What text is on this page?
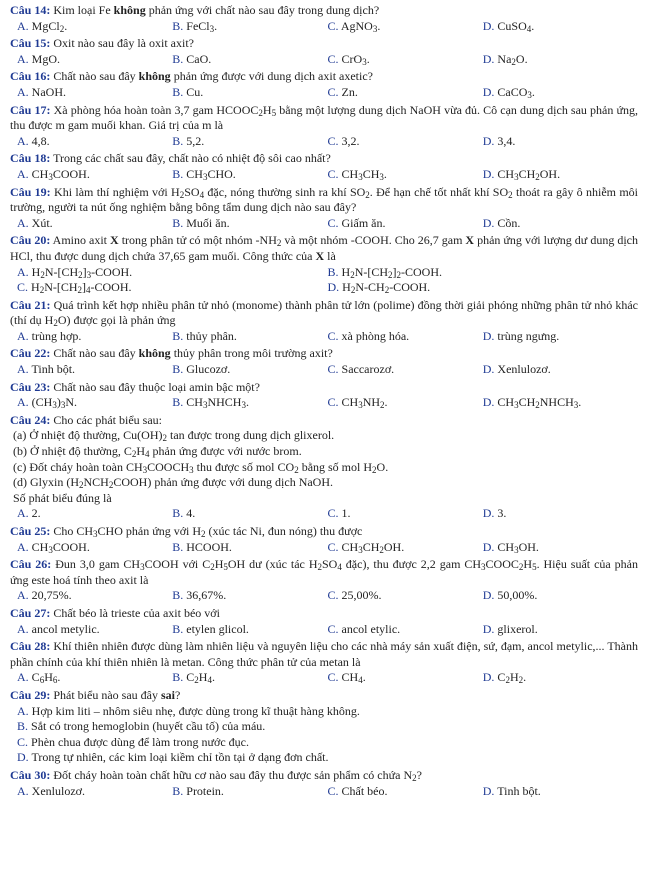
Câu 14: Kim loại Fe không phản ứng với chất nào sau đây trong dung dịch?
A. MgCl$_2$.	B. FeCl$_3$.	C. AgNO$_3$.	D. CuSO$_4$.
Câu 15: Oxit nào sau đây là oxit axit?
A. MgO.	B. CaO.	C. CrO$_3$.	D. $Na_2O$.
Câu 16: Chất nào sau đây không phản ứng được với dung dịch axit axetic?
A. NaOH.	B. Cu.	C. Zn.	D. CaCO$_3$.
Câu 17: Xà phòng hóa hoàn toàn 3,7 gam $HCOOC_2H_5$ bằng một lượng dung dịch NaOH vừa đủ. Cô cạn dung dịch sau phản ứng, thu được m gam muối khan. Giá trị của m là
A. 4,8.	B. 5,2.	C. 3,2.	D. 3,4.
Câu 18: Trong các chất sau đây, chất nào có nhiệt độ sôi cao nhất?
A. $CH_3COOH$.	B. $CH_3CHO$.	C. $CH_3CH_3$.	D. $CH_3CH_2OH$.
Câu 19: Khi làm thí nghiệm với $H_2SO_4$ đặc, nóng thường sinh ra khí $SO_2$. Để hạn chế tốt nhất khí $SO_2$ thoát ra gây ô nhiễm môi trường, người ta nút ống nghiệm bằng bông tẩm dung dịch nào sau đây?
A. Xút.	B. Muối ăn.	C. Giấm ăn.	D. Cồn.
Câu 20: Amino axit X trong phân tử có một nhóm $-NH_2$ và một nhóm -COOH. Cho 26,7 gam X phản ứng với lượng dư dung dịch HCl, thu được dung dịch chứa 37,65 gam muối. Công thức của X là
A. $H_2N-[CH_2]_3$-COOH.	B. $H_2N-[CH_2]_2$-COOH.
C. $H_2N-[CH_2]_4$-COOH.	D. $H_2N-CH_2$-COOH.
Câu 21: Quá trình kết hợp nhiều phân tử nhỏ (monome) thành phân tử lớn (polime) đồng thời giải phóng những phân tử nhỏ khác (thí dụ $H_2O$) được gọi là phản ứng
A. trùng hợp.	B. thủy phân.	C. xà phòng hóa.	D. trùng ngưng.
Câu 22: Chất nào sau đây không thủy phân trong môi trường axit?
A. Tinh bột.	B. Glucozơ.	C. Saccarozơ.	D. Xenlulozơ.
Câu 23: Chất nào sau đây thuộc loại amin bậc một?
A. $(CH_3)_3N$.	B. $CH_3NHCH_3$.	C. $CH_3NH_2$.	D. $CH_3CH_2NHCH_3$.
Câu 24: Cho các phát biểu sau:
(a) Ở nhiệt độ thường, $Cu(OH)_2$ tan được trong dung dịch glixerol.
(b) Ở nhiệt độ thường, $C_2H_4$ phản ứng được với nước brom.
(c) Đốt cháy hoàn toàn $CH_3COOCH_3$ thu được số mol $CO_2$ bằng số mol $H_2O$.
(d) Glyxin $(H_2NCH_2COOH)$ phản ứng được với dung dịch NaOH.
Số phát biểu đúng là
A. 2.	B. 4.	C. 1.	D. 3.
Câu 25: Cho $CH_3CHO$ phản ứng với $H_2$ (xúc tác Ni, đun nóng) thu được
A. $CH_3COOH$.	B. HCOOH.	C. $CH_3CH_2OH$.	D. $CH_3OH$.
Câu 26: Đun 3,0 gam $CH_3COOH$ với $C_2H_5OH$ dư (xúc tác $H_2SO_4$ đặc), thu được 2,2 gam $CH_3COOC_2H_5$. Hiệu suất của phản ứng este hoá tính theo axit là
A. 20,75%.	B. 36,67%.	C. 25,00%.	D. 50,00%.
Câu 27: Chất béo là trieste của axit béo với
A. ancol metylic.	B. etylen glicol.	C. ancol etylic.	D. glixerol.
Câu 28: Khí thiên nhiên được dùng làm nhiên liệu và nguyên liệu cho các nhà máy sản xuất điện, sứ, đạm, ancol metylic,... Thành phần chính của khí thiên nhiên là metan. Công thức phân tử của metan là
A. $C_6H_6$.	B. $C_2H_4$.	C. $CH_4$.	D. $C_2H_2$.
Câu 29: Phát biểu nào sau đây sai?
A. Hợp kim liti – nhôm siêu nhẹ, được dùng trong kĩ thuật hàng không.
B. Sắt có trong hemoglobin (huyết cầu tố) của máu.
C. Phèn chua được dùng để làm trong nước đục.
D. Trong tự nhiên, các kim loại kiềm chỉ tồn tại ở dạng đơn chất.
Câu 30: Đốt cháy hoàn toàn chất hữu cơ nào sau đây thu được sản phẩm có chứa $N_2$?
A. Xenlulozơ.	B. Protein.	C. Chất béo.	D. Tinh bột.
